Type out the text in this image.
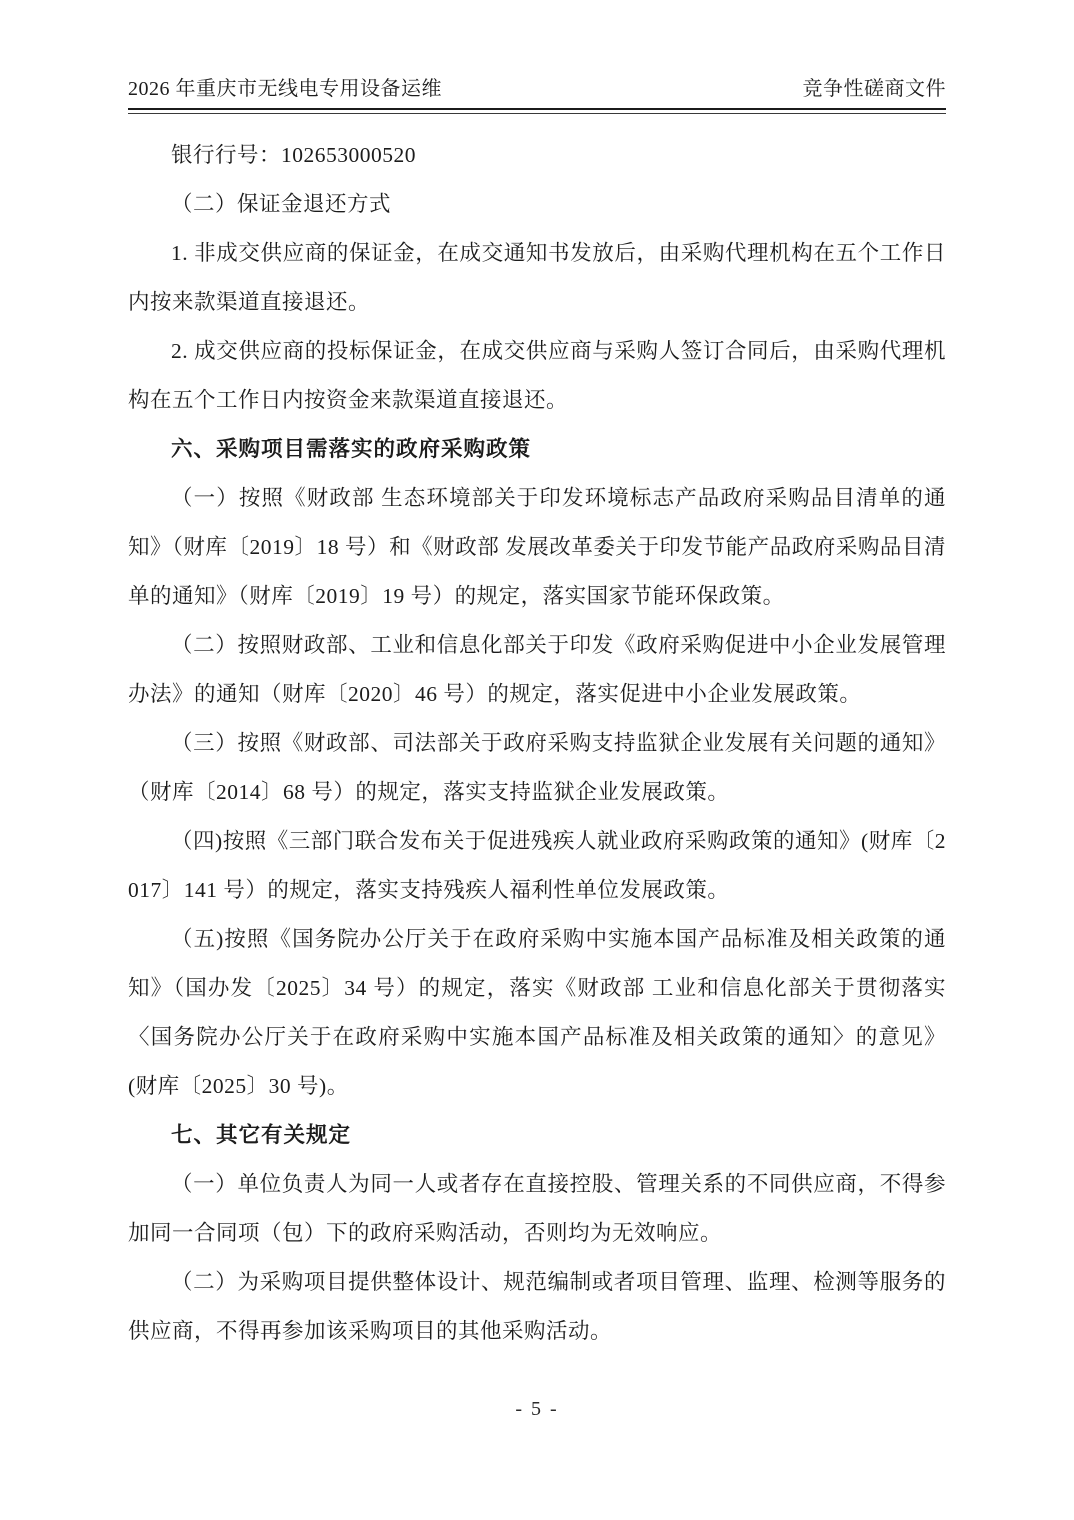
2026 年重庆市无线电专用设备运维	竞争性磋商文件

银行行号：102653000520

（二）保证金退还方式

1. 非成交供应商的保证金，在成交通知书发放后，由采购代理机构在五个工作日内按来款渠道直接退还。

2. 成交供应商的投标保证金，在成交供应商与采购人签订合同后，由采购代理机构在五个工作日内按资金来款渠道直接退还。

六、采购项目需落实的政府采购政策

（一）按照《财政部 生态环境部关于印发环境标志产品政府采购品目清单的通知》（财库〔2019〕18 号）和《财政部 发展改革委关于印发节能产品政府采购品目清单的通知》（财库〔2019〕19 号）的规定，落实国家节能环保政策。

（二）按照财政部、工业和信息化部关于印发《政府采购促进中小企业发展管理办法》的通知（财库〔2020〕46 号）的规定，落实促进中小企业发展政策。

（三）按照《财政部、司法部关于政府采购支持监狱企业发展有关问题的通知》（财库〔2014〕68 号）的规定，落实支持监狱企业发展政策。

（四)按照《三部门联合发布关于促进残疾人就业政府采购政策的通知》(财库〔2017〕141 号）的规定，落实支持残疾人福利性单位发展政策。

（五)按照《国务院办公厅关于在政府采购中实施本国产品标准及相关政策的通知》（国办发〔2025〕34 号）的规定，落实《财政部 工业和信息化部关于贯彻落实〈国务院办公厅关于在政府采购中实施本国产品标准及相关政策的通知〉的意见》(财库〔2025〕30 号)。

七、其它有关规定

（一）单位负责人为同一人或者存在直接控股、管理关系的不同供应商，不得参加同一合同项（包）下的政府采购活动，否则均为无效响应。

（二）为采购项目提供整体设计、规范编制或者项目管理、监理、检测等服务的供应商，不得再参加该采购项目的其他采购活动。

- 5 -
